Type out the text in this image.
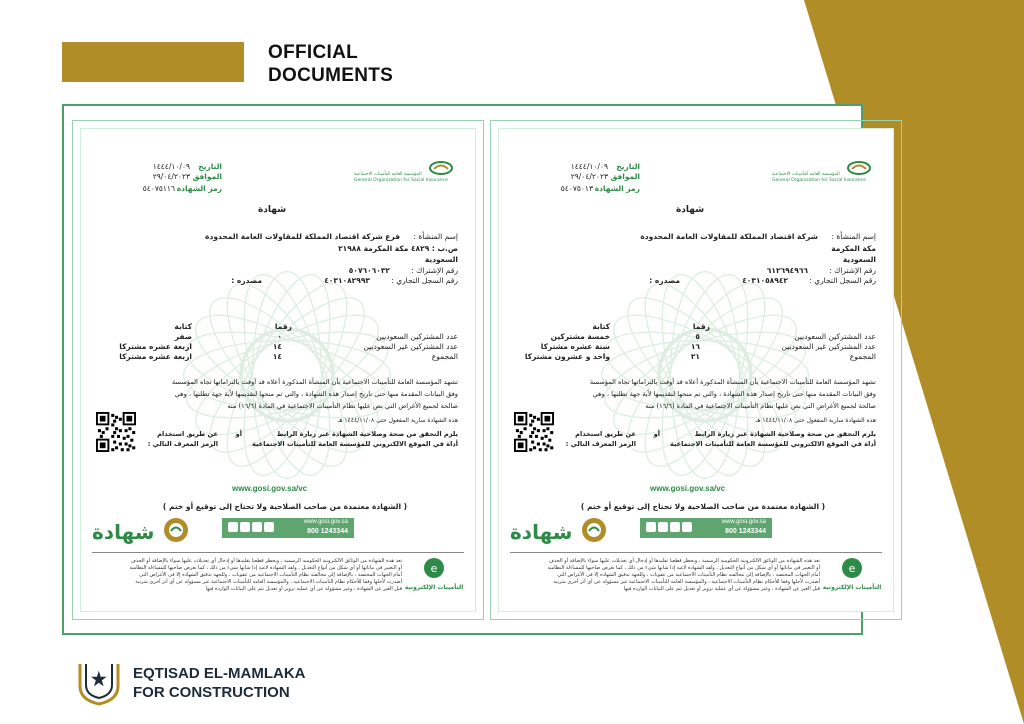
OFFICIAL
DOCUMENTS
General Organization for Social Insurance
المؤسسة العامة للتأمينات الاجتماعية
التاريخ
١٤٤٤/١٠/٠٩
الموافق
٢٩/٠٤/٢٠٢٣
رمز الشهادة
٥٤٠٧٥١١٦
شهادة
إسم المنشأة :
فرع شركة اقتصاد المملكة للمقاولات العامة المحدودة
ص.ب : ٤٨٢٩ مكة المكرمة ٢١٩٨٨
السعودية
رقم الإشتراك :
٥٠٧٦٠٦٠٣٢
رقم السجل التجاري :
٤٠٣١٠٨٢٩٩٣
مصدره :
رقما
كتابة
عدد المشتركين السعوديين
٠
صفر
عدد المشتركين غير السعوديين
١٤
اربعة عشره مشتركا
المجموع
١٤
اربعة عشره مشتركا
تشهد المؤسسة العامة للتأمينات الاجتماعية بأن المنشأة المذكورة أعلاه قد أوفت بالتزاماتها تجاه المؤسسة
وفق البيانات المقدمة منها حتى تاريخ إصدار هذه الشهادة ، والتي تم منحها لتقديمها لأية جهة تطلبها ، وهي
صالحة لجميع الأغراض التي نص عليها نظام التأمينات الاجتماعية في المادة (١٦/٦) منه
هذه الشهادة سارية المفعول حتى ١٤٤٤/١١/٠٨ هـ
يلزم التحقق من صحة وصلاحية الشهادة عبر زيارة الرابط
أو
عن طريق استخدام
أداة في الموقع الالكتروني للمؤسسة العامة للتأمينات الاجتماعية
الرمز المعرف التالي :
www.gosi.gov.sa/vc
( الشهادة معتمدة من صاحب الصلاحية ولا تحتاج إلى توقيع أو ختم )
www.gosi.gov.sa
800 1243344
شهادة
تعد هذه الشهادة من الوثائق الالكترونية الحكومية الرسمية ، ويحظر قطعيا تقليدها أو إدخال أي تعديلات عليها سواء بالإضافة أو الحذف
أو التغيير في بياناتها أو أي شكل من أنواع التعديل ، ولقد الشهادة لاغية إذا شابها شيء من ذلك ، كما تعرض صاحبها للمساءلة النظامية
أمام الجهات المختصة ، بالإضافة إلى مخالفته نظام التأمينات الاجتماعية من عقوبات ، وللجهة تدقيق الشهادة إلا في الأغراض التي
أصدرت لأجلها وفقا للأحكام نظام التأمينات الاجتماعية ، والمؤسسة العامة للتأمينات الاجتماعية غير مسؤولة عن أي أثر أخرى مترتبة
قبل الغير عن الشهادة ، وغير مسؤولة عن أي عملية تزوير أو تعديل تتم على البيانات الواردة فيها
e
التأمينات الإلكترونية
General Organization for Social Insurance
المؤسسة العامة للتأمينات الاجتماعية
التاريخ
١٤٤٤/١٠/٠٩
الموافق
٢٩/٠٤/٢٠٢٣
رمز الشهادة
٥٤٠٧٥٠١٣
شهادة
إسم المنشأة :
شركة اقتصاد المملكة للمقاولات العامة المحدودة
مكة المكرمة
السعودية
رقم الإشتراك :
٦١٢٦٩٤٩٦٦
رقم السجل التجاري :
٤٠٣١٠٥٨٩٤٢
مصدره :
رقما
كتابة
عدد المشتركين السعوديين
٥
خمسة مشتركين
عدد المشتركين غير السعوديين
١٦
ستة عشره مشتركا
المجموع
٢١
واحد و عشرون مشتركا
تشهد المؤسسة العامة للتأمينات الاجتماعية بأن المنشأة المذكورة أعلاه قد أوفت بالتزاماتها تجاه المؤسسة
وفق البيانات المقدمة منها حتى تاريخ إصدار هذه الشهادة ، والتي تم منحها لتقديمها لأية جهة تطلبها ، وهي
صالحة لجميع الأغراض التي نص عليها نظام التأمينات الاجتماعية في المادة (١٦/٦) منه
هذه الشهادة سارية المفعول حتى ١٤٤٤/١١/٠٨ هـ
يلزم التحقق من صحة وصلاحية الشهادة عبر زيارة الرابط
أو
عن طريق استخدام
أداة في الموقع الالكتروني للمؤسسة العامة للتأمينات الاجتماعية
الرمز المعرف التالي :
www.gosi.gov.sa/vc
( الشهادة معتمدة من صاحب الصلاحية ولا تحتاج إلى توقيع أو ختم )
www.gosi.gov.sa
800 1243344
شهادة
تعد هذه الشهادة من الوثائق الالكترونية الحكومية الرسمية ، ويحظر قطعيا تقليدها أو إدخال أي تعديلات عليها سواء بالإضافة أو الحذف
أو التغيير في بياناتها أو أي شكل من أنواع التعديل ، ولقد الشهادة لاغية إذا شابها شيء من ذلك ، كما تعرض صاحبها للمساءلة النظامية
أمام الجهات المختصة ، بالإضافة إلى مخالفته نظام التأمينات الاجتماعية من عقوبات ، وللجهة تدقيق الشهادة إلا في الأغراض التي
أصدرت لأجلها وفقا للأحكام نظام التأمينات الاجتماعية ، والمؤسسة العامة للتأمينات الاجتماعية غير مسؤولة عن أي أثر أخرى مترتبة
قبل الغير عن الشهادة ، وغير مسؤولة عن أي عملية تزوير أو تعديل تتم على البيانات الواردة فيها
e
التأمينات الإلكترونية
EQTISAD EL-MAMLAKA
FOR CONSTRUCTION
